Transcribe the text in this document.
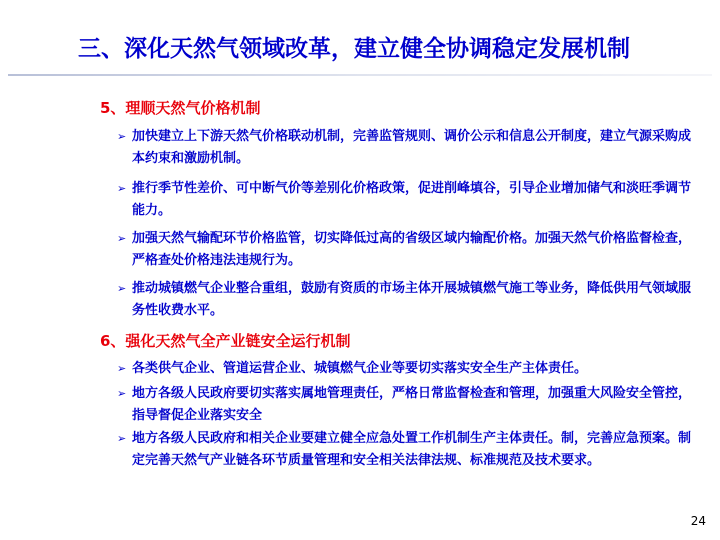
三、深化天然气领域改革，建立健全协调稳定发展机制
5、理顺天然气价格机制
➢ 加快建立上下游天然气价格联动机制，完善监管规则、调价公示和信息公开制度，建立气源采购成本约束和激励机制。
➢ 推行季节性差价、可中断气价等差别化价格政策，促进削峰填谷，引导企业增加储气和淡旺季调节能力。
➢ 加强天然气输配环节价格监管，切实降低过高的省级区域内输配价格。加强天然气价格监督检查，严格查处价格违法违规行为。
➢ 推动城镇燃气企业整合重组，鼓励有资质的市场主体开展城镇燃气施工等业务，降低供用气领域服务性收费水平。
6、强化天然气全产业链安全运行机制
➢ 各类供气企业、管道运营企业、城镇燃气企业等要切实落实安全生产主体责任。
➢ 地方各级人民政府要切实落实属地管理责任，严格日常监督检查和管理，加强重大风险安全管控，指导督促企业落实安全
➢ 地方各级人民政府和相关企业要建立健全应急处置工作机制生产主体责任。制，完善应急预案。制定完善天然气产业链各环节质量管理和安全相关法律法规、标准规范及技术要求。
24
